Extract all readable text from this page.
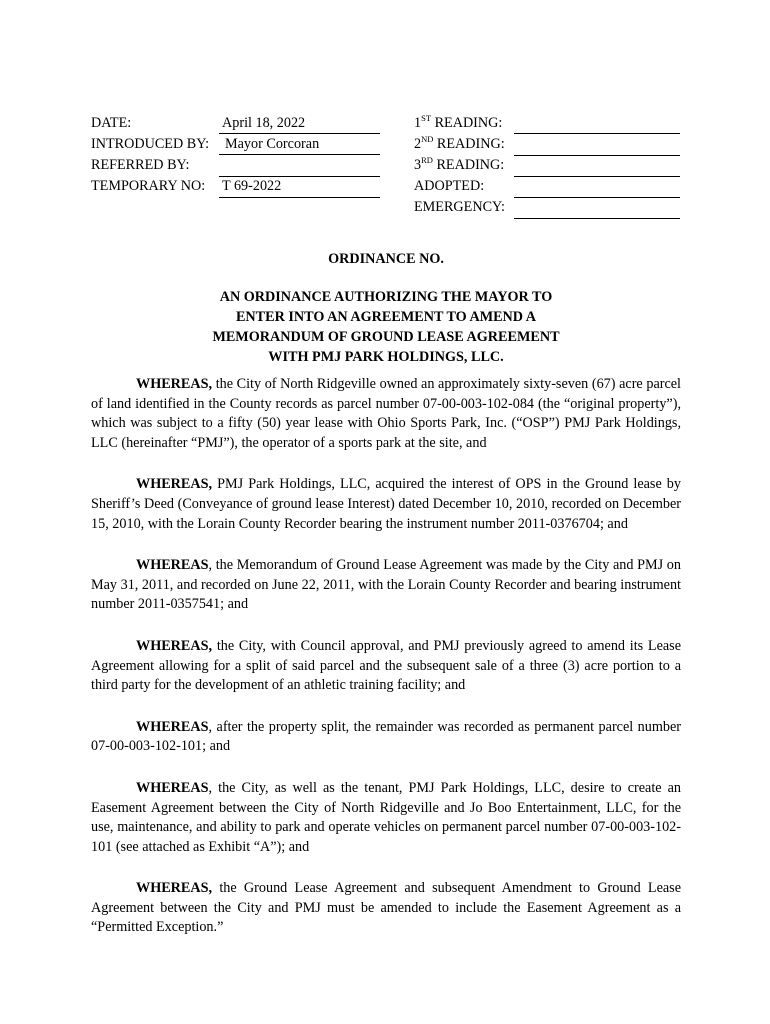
DATE:	April 18, 2022
INTRODUCED BY: Mayor Corcoran
REFERRED BY:
TEMPORARY NO: T 69-2022
1ST READING:
2ND READING:
3RD READING:
ADOPTED:
EMERGENCY:
ORDINANCE NO.
AN ORDINANCE AUTHORIZING THE MAYOR TO
ENTER INTO AN AGREEMENT TO AMEND A
MEMORANDUM OF GROUND LEASE AGREEMENT
WITH PMJ PARK HOLDINGS, LLC.

WHEREAS, the City of North Ridgeville owned an approximately sixty-seven (67) acre parcel of land identified in the County records as parcel number 07-00-003-102-084 (the “original property”), which was subject to a fifty (50) year lease with Ohio Sports Park, Inc. (“OSP”) PMJ Park Holdings, LLC (hereinafter “PMJ”), the operator of a sports park at the site, and

WHEREAS, PMJ Park Holdings, LLC, acquired the interest of OPS in the Ground lease by Sheriff’s Deed (Conveyance of ground lease Interest) dated December 10, 2010, recorded on December 15, 2010, with the Lorain County Recorder bearing the instrument number 2011-0376704; and

WHEREAS, the Memorandum of Ground Lease Agreement was made by the City and PMJ on May 31, 2011, and recorded on June 22, 2011, with the Lorain County Recorder and bearing instrument number 2011-0357541; and

WHEREAS, the City, with Council approval, and PMJ previously agreed to amend its Lease Agreement allowing for a split of said parcel and the subsequent sale of a three (3) acre portion to a third party for the development of an athletic training facility; and

WHEREAS, after the property split, the remainder was recorded as permanent parcel number 07-00-003-102-101; and

WHEREAS, the City, as well as the tenant, PMJ Park Holdings, LLC, desire to create an Easement Agreement between the City of North Ridgeville and Jo Boo Entertainment, LLC, for the use, maintenance, and ability to park and operate vehicles on permanent parcel number 07-00-003-102-101 (see attached as Exhibit “A”); and

WHEREAS, the Ground Lease Agreement and subsequent Amendment to Ground Lease Agreement between the City and PMJ must be amended to include the Easement Agreement as a “Permitted Exception.”
